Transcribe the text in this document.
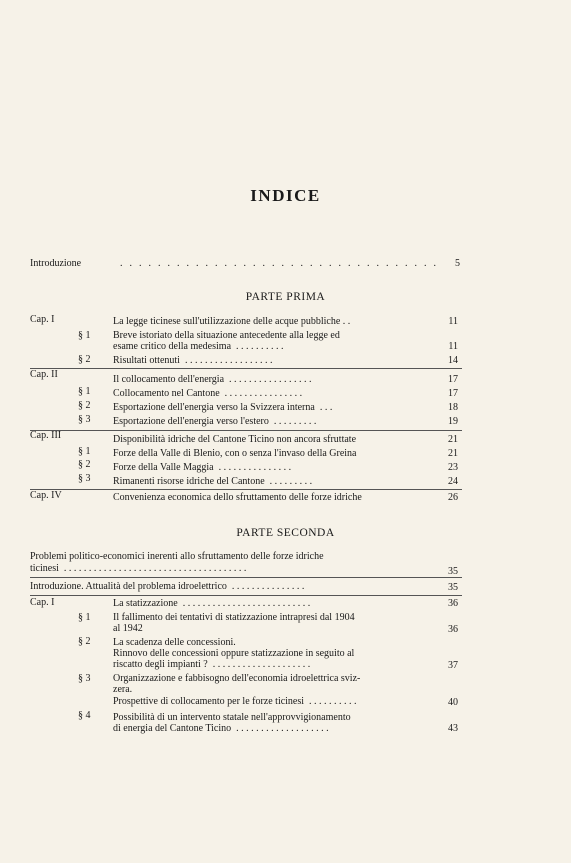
INDICE
Introduzione	..................................	5
PARTE PRIMA
Cap. I	La legge ticinese sull'utilizzazione delle acque pubbliche . .	11
§ 1 Breve istoriato della situazione antecedente alla legge ed
esame critico della medesima  . . . . . . . . . .	11
§ 2 Risultati ottenuti  . . . . . . . . . . . . . . . . . .	14
Cap. II	Il collocamento dell'energia  . . . . . . . . . . . . . . . . .	17
§ 1 Collocamento nel Cantone  . . . . . . . . . . . . . . . .	17
§ 2 Esportazione dell'energia verso la Svizzera interna  . . .	18
§ 3 Esportazione dell'energia verso l'estero  . . . . . . . . .	19
Cap. III	Disponibilità idriche del Cantone Ticino non ancora sfruttate	21
§ 1 Forze della Valle di Blenio, con o senza l'invaso della Greina	21
§ 2 Forze della Valle Maggia  . . . . . . . . . . . . . . .	23
§ 3 Rimanenti risorse idriche del Cantone  . . . . . . . . .	24
Cap. IV	Convenienza economica dello sfruttamento delle forze idriche	26
PARTE SECONDA
Problemi politico-economici inerenti allo sfruttamento delle forze idriche
ticinesi  . . . . . . . . . . . . . . . . . . . . . . . . . . . . . . . . . . . . .	35
Introduzione. Attualità del problema idroelettrico  . . . . . . . . . . . . . . .	35
Cap. I	La statizzazione  . . . . . . . . . . . . . . . . . . . . . . . . . .	36
§ 1 Il fallimento dei tentativi di statizzazione intrapresi dal 1904
al 1942	36
§ 2 La scadenza delle concessioni.
Rinnovo delle concessioni oppure statizzazione in seguito al
riscatto degli impianti ?  . . . . . . . . . . . . . . . . . . . .	37
§ 3 Organizzazione e fabbisogno dell'economia idroelettrica sviz-
zera.
Prospettive di collocamento per le forze ticinesi  . . . . . . . . . .	40
§ 4 Possibilità di un intervento statale nell'approvvigionamento
di energia del Cantone Ticino  . . . . . . . . . . . . . . . . . . .	43
